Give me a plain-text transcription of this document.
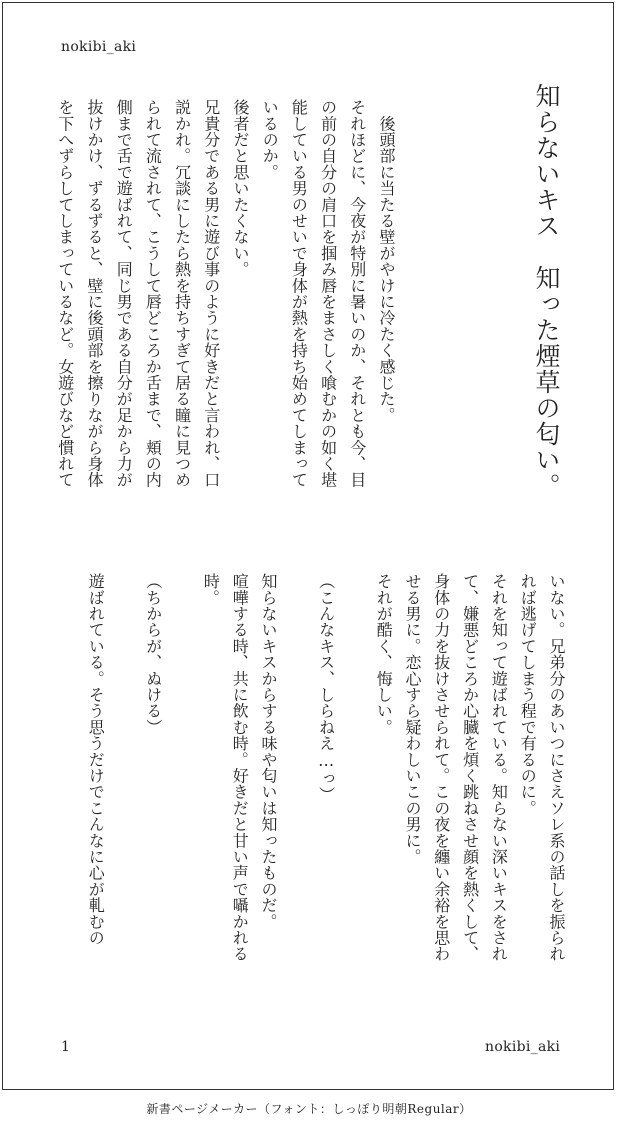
nokibi_aki
知らないキス　知った煙草の匂い。

　後頭部に当たる壁がやけに冷たく感じた。

それほどに、今夜が特別に暑いのか、それとも今、目

の前の自分の肩口を掴み唇をまさしく喰むかの如く堪

能している男のせいで身体が熱を持ち始めてしまって

いるのか。

後者だと思いたくない。

兄貴分である男に遊び事のように好きだと言われ、口

説かれ。冗談にしたら熱を持ちすぎて居る瞳に見つめ

られて流されて、こうして唇どころか舌まで、頬の内

側まで舌で遊ばれて、同じ男である自分が足から力が

抜けかけ、ずるずると、壁に後頭部を擦りながら身体

を下へずらしてしまっているなど。女遊びなど慣れて

いない。兄弟分のあいつにさえソレ系の話しを振られ

れば逃げてしまう程で有るのに。

それを知って遊ばれている。知らない深いキスをされ

て、嫌悪どころか心臓を煩く跳ねさせ顔を熱くして、

身体の力を抜けさせられて。この夜を纏い余裕を思わ

せる男に。恋心すら疑わしいこの男に。

それが酷く、悔しい。

（こんなキス、しらねえ…っ）

知らないキスからする味や匂いは知ったものだ。

喧嘩する時、共に飲む時。好きだと甘い声で囁かれる

時。

（ちからが、ぬける）

遊ばれている。そう思うだけでこんなに心が軋むの

1	nokibi_aki
新書ページメーカー（フォント：しっぽり明朝Regular）
